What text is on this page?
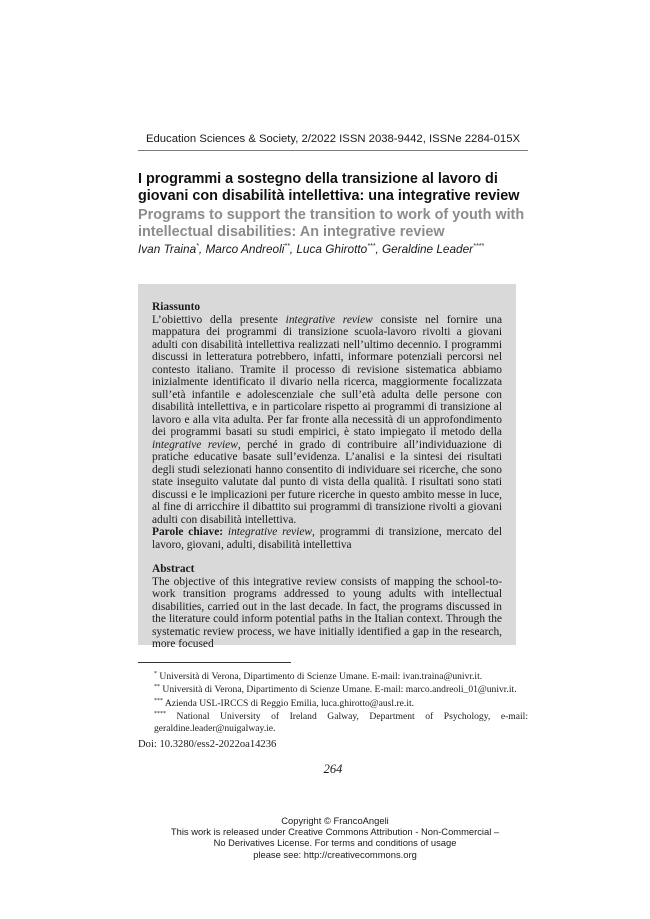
Education Sciences & Society, 2/2022 ISSN 2038-9442, ISSNe 2284-015X
I programmi a sostegno della transizione al lavoro di giovani con disabilità intellettiva: una integrative review
Programs to support the transition to work of youth with intellectual disabilities: An integrative review
Ivan Traina*, Marco Andreoli**, Luca Ghirotto***, Geraldine Leader****

Riassunto

L’obiettivo della presente integrative review consiste nel fornire una mappatura dei programmi di transizione scuola-lavoro rivolti a giovani adulti con disabilità intellettiva realizzati nell’ultimo decennio. I programmi discussi in letteratura potrebbero, infatti, informare potenziali percorsi nel contesto italiano. Tramite il processo di revisione sistematica abbiamo inizialmente identificato il divario nella ricerca, maggiormente focalizzata sull’età infantile e adolescenziale che sull’età adulta delle persone con disabilità intellettiva, e in particolare rispetto ai programmi di transizione al lavoro e alla vita adulta. Per far fronte alla necessità di un approfondimento dei programmi basati su studi empirici, è stato impiegato il metodo della integrative review, perché in grado di contribuire all’individuazione di pratiche educative basate sull’evidenza. L’analisi e la sintesi dei risultati degli studi selezionati hanno consentito di individuare sei ricerche, che sono state inseguito valutate dal punto di vista della qualità. I risultati sono stati discussi e le implicazioni per future ricerche in questo ambito messe in luce, al fine di arricchire il dibattito sui programmi di transizione rivolti a giovani adulti con disabilità intellettiva.

Parole chiave: integrative review, programmi di transizione, mercato del lavoro, giovani, adulti, disabilità intellettiva

Abstract

The objective of this integrative review consists of mapping the school-to-work transition programs addressed to young adults with intellectual disabilities, carried out in the last decade. In fact, the programs discussed in the literature could inform potential paths in the Italian context. Through the systematic review process, we have initially identified a gap in the research, more focused

* Università di Verona, Dipartimento di Scienze Umane. E-mail: ivan.traina@univr.it.

** Università di Verona, Dipartimento di Scienze Umane. E-mail: marco.andreoli_01@univr.it.

*** Azienda USL-IRCCS di Reggio Emilia, luca.ghirotto@ausl.re.it.

**** National University of Ireland Galway, Department of Psychology, e-mail: geraldine.leader@nuigalway.ie.

Doi: 10.3280/ess2-2022oa14236
264

Copyright © FrancoAngeli

This work is released under Creative Commons Attribution - Non-Commercial –

No Derivatives License. For terms and conditions of usage

please see: http://creativecommons.org
